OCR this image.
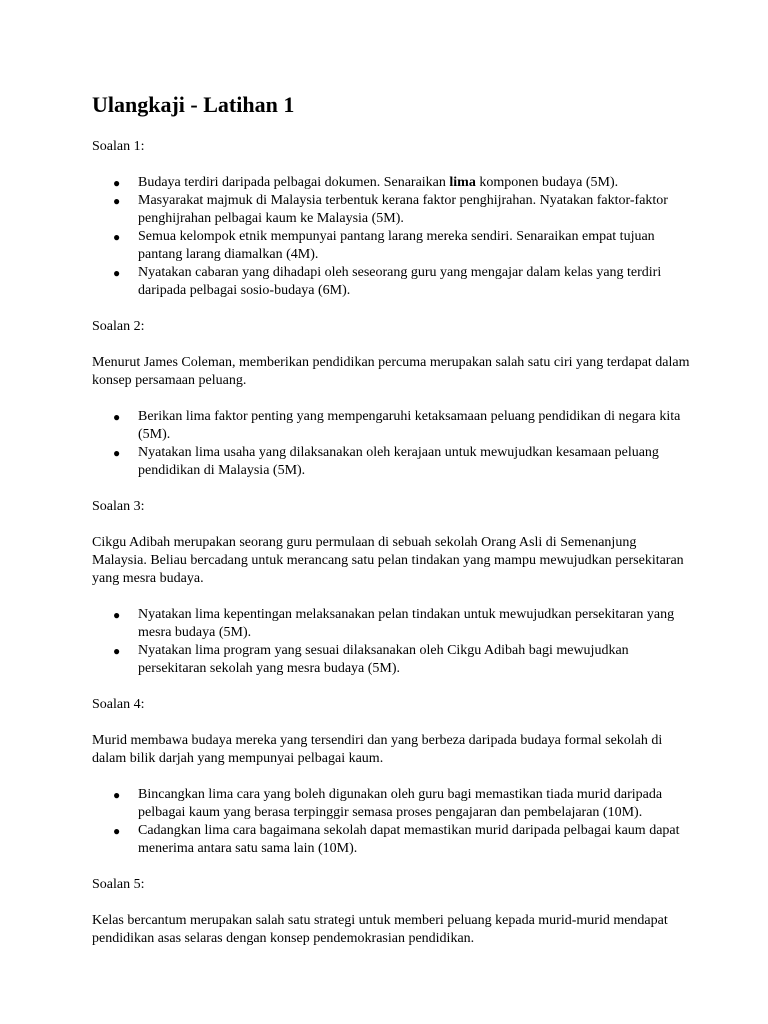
Ulangkaji - Latihan 1

Soalan 1:

● Budaya terdiri daripada pelbagai dokumen. Senaraikan lima komponen budaya (5M).
● Masyarakat majmuk di Malaysia terbentuk kerana faktor penghijrahan. Nyatakan faktor-faktor penghijrahan pelbagai kaum ke Malaysia (5M).
● Semua kelompok etnik mempunyai pantang larang mereka sendiri. Senaraikan empat tujuan pantang larang diamalkan (4M).
● Nyatakan cabaran yang dihadapi oleh seseorang guru yang mengajar dalam kelas yang terdiri daripada pelbagai sosio-budaya (6M).

Soalan 2:

Menurut James Coleman, memberikan pendidikan percuma merupakan salah satu ciri yang terdapat dalam konsep persamaan peluang.

● Berikan lima faktor penting yang mempengaruhi ketaksamaan peluang pendidikan di negara kita (5M).
● Nyatakan lima usaha yang dilaksanakan oleh kerajaan untuk mewujudkan kesamaan peluang pendidikan di Malaysia (5M).

Soalan 3:

Cikgu Adibah merupakan seorang guru permulaan di sebuah sekolah Orang Asli di Semenanjung Malaysia. Beliau bercadang untuk merancang satu pelan tindakan yang mampu mewujudkan persekitaran yang mesra budaya.

● Nyatakan lima kepentingan melaksanakan pelan tindakan untuk mewujudkan persekitaran yang mesra budaya (5M).
● Nyatakan lima program yang sesuai dilaksanakan oleh Cikgu Adibah bagi mewujudkan persekitaran sekolah yang mesra budaya (5M).

Soalan 4:

Murid membawa budaya mereka yang tersendiri dan yang berbeza daripada budaya formal sekolah di dalam bilik darjah yang mempunyai pelbagai kaum.

● Bincangkan lima cara yang boleh digunakan oleh guru bagi memastikan tiada murid daripada pelbagai kaum yang berasa terpinggir semasa proses pengajaran dan pembelajaran (10M).
● Cadangkan lima cara bagaimana sekolah dapat memastikan murid daripada pelbagai kaum dapat menerima antara satu sama lain (10M).

Soalan 5:

Kelas bercantum merupakan salah satu strategi untuk memberi peluang kepada murid-murid mendapat pendidikan asas selaras dengan konsep pendemokrasian pendidikan.
